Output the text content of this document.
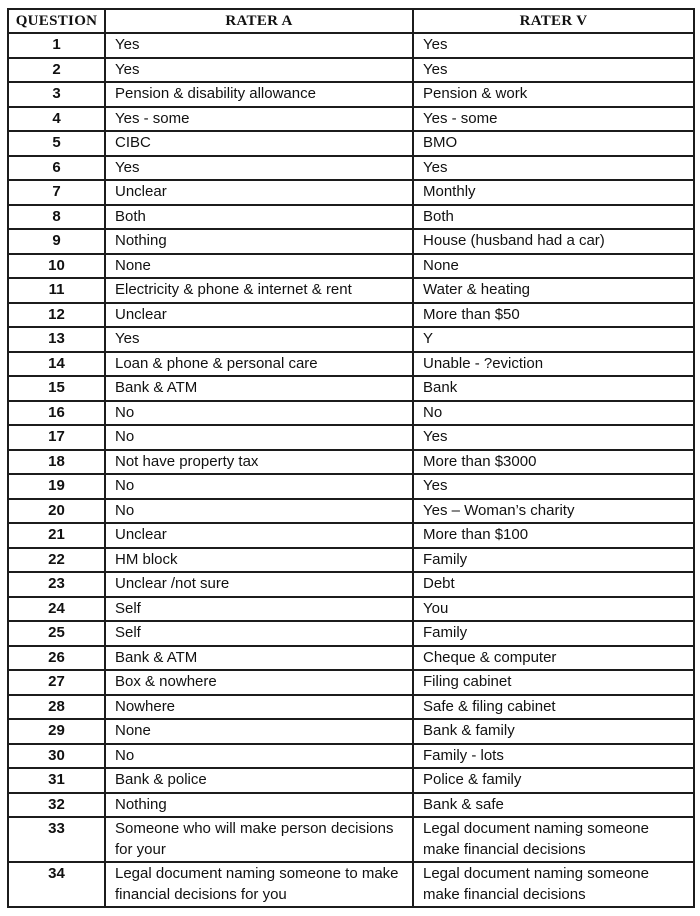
QUESTION	RATER A	RATER V
1	Yes	Yes
2	Yes	Yes
3	Pension & disability allowance	Pension & work
4	Yes - some	Yes - some
5	CIBC	BMO
6	Yes	Yes
7	Unclear	Monthly
8	Both	Both
9	Nothing	House (husband had a car)
10	None	None
11	Electricity & phone & internet & rent	Water & heating
12	Unclear	More than $50
13	Yes	Y
14	Loan & phone & personal care	Unable - ?eviction
15	Bank & ATM	Bank
16	No	No
17	No	Yes
18	Not have property tax	More than $3000
19	No	Yes
20	No	Yes – Woman’s charity
21	Unclear	More than $100
22	HM block	Family
23	Unclear /not sure	Debt
24	Self	You
25	Self	Family
26	Bank & ATM	Cheque & computer
27	Box & nowhere	Filing cabinet
28	Nowhere	Safe & filing cabinet
29	None	Bank & family
30	No	Family - lots
31	Bank & police	Police & family
32	Nothing	Bank & safe
33	Someone who will make person decisions for your	Legal document naming someone make financial decisions
34	Legal document naming someone to make financial decisions for you	Legal document naming someone make financial decisions
